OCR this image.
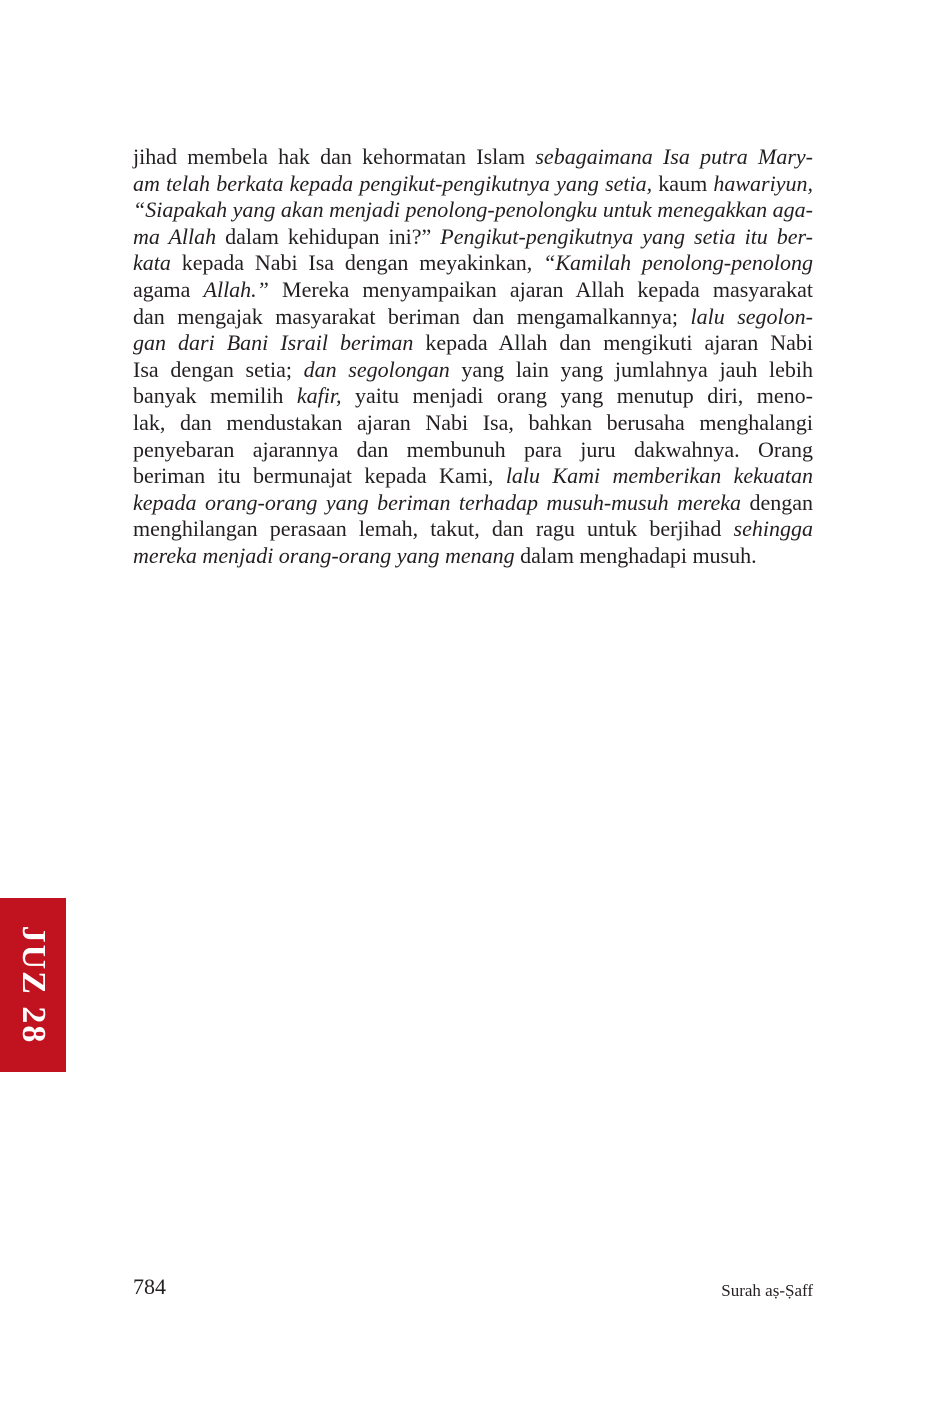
jihad membela hak dan kehormatan Islam sebagaimana Isa putra Mary-
am telah berkata kepada pengikut-pengikutnya yang setia, kaum hawariyun,
“Siapakah yang akan menjadi penolong-penolongku untuk menegakkan aga-
ma Allah dalam kehidupan ini?” Pengikut-pengikutnya yang setia itu ber-
kata kepada Nabi Isa dengan meyakinkan, “Kamilah penolong-penolong
agama Allah.” Mereka menyampaikan ajaran Allah kepada masyarakat
dan mengajak masyarakat beriman dan mengamalkannya; lalu segolon-
gan dari Bani Israil beriman kepada Allah dan mengikuti ajaran Nabi
Isa dengan setia; dan segolongan yang lain yang jumlahnya jauh lebih
banyak memilih kafir, yaitu menjadi orang yang menutup diri, meno-
lak, dan mendustakan ajaran Nabi Isa, bahkan berusaha menghalangi
penyebaran ajarannya dan membunuh para juru dakwahnya. Orang
beriman itu bermunajat kepada Kami, lalu Kami memberikan kekuatan
kepada orang-orang yang beriman terhadap musuh-musuh mereka dengan
menghilangan perasaan lemah, takut, dan ragu untuk berjihad sehingga
mereka menjadi orang-orang yang menang dalam menghadapi musuh.
JUZ 28
784	Surah aṣ-Ṣaff
